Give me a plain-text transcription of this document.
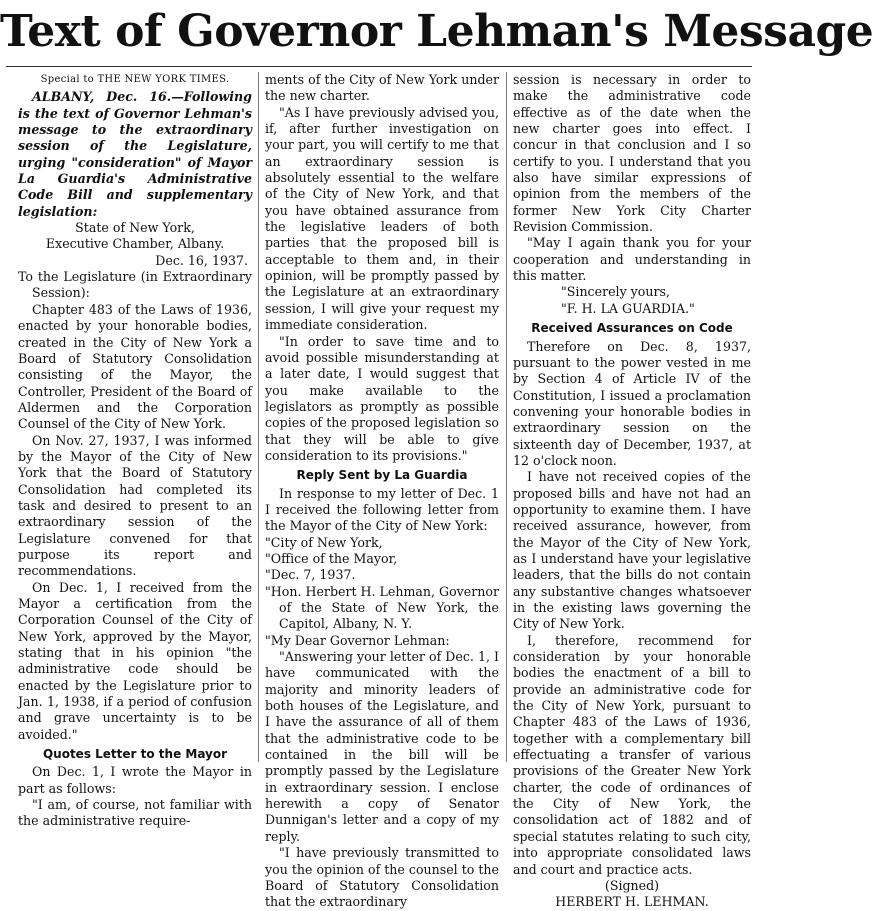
Text of Governor Lehman's Message

Special to THE NEW YORK TIMES.

ALBANY, Dec. 16.—Following is the text of Governor Lehman's message to the extraordinary session of the Legislature, urging "consideration" of Mayor La Guardia's Administrative Code Bill and supplementary legislation:

State of New York,

Executive Chamber, Albany.

Dec. 16, 1937.

To the Legislature (in Extraordinary Session):

Chapter 483 of the Laws of 1936, enacted by your honorable bodies, created in the City of New York a Board of Statutory Consolidation consisting of the Mayor, the Controller, President of the Board of Aldermen and the Corporation Counsel of the City of New York.

On Nov. 27, 1937, I was informed by the Mayor of the City of New York that the Board of Statutory Consolidation had completed its task and desired to present to an extraordinary session of the Legislature convened for that purpose its report and recommendations.

On Dec. 1, I received from the Mayor a certification from the Corporation Counsel of the City of New York, approved by the Mayor, stating that in his opinion "the administrative code should be enacted by the Legislature prior to Jan. 1, 1938, if a period of confusion and grave uncertainty is to be avoided."

Quotes Letter to the Mayor

On Dec. 1, I wrote the Mayor in part as follows:

"I am, of course, not familiar with the administrative require-

ments of the City of New York under the new charter.

"As I have previously advised you, if, after further investigation on your part, you will certify to me that an extraordinary session is absolutely essential to the welfare of the City of New York, and that you have obtained assurance from the legislative leaders of both parties that the proposed bill is acceptable to them and, in their opinion, will be promptly passed by the Legislature at an extraordinary session, I will give your request my immediate consideration.

"In order to save time and to avoid possible misunderstanding at a later date, I would suggest that you make available to the legislators as promptly as possible copies of the proposed legislation so that they will be able to give consideration to its provisions."

Reply Sent by La Guardia

In response to my letter of Dec. 1 I received the following letter from the Mayor of the City of New York:

"City of New York,

"Office of the Mayor,

"Dec. 7, 1937.

"Hon. Herbert H. Lehman, Governor of the State of New York, the Capitol, Albany, N. Y.

"My Dear Governor Lehman:

"Answering your letter of Dec. 1, I have communicated with the majority and minority leaders of both houses of the Legislature, and I have the assurance of all of them that the administrative code to be contained in the bill will be promptly passed by the Legislature in extraordinary session. I enclose herewith a copy of Senator Dunnigan's letter and a copy of my reply.

"I have previously transmitted to you the opinion of the counsel to the Board of Statutory Consolidation that the extraordinary

session is necessary in order to make the administrative code effective as of the date when the new charter goes into effect. I concur in that conclusion and I so certify to you. I understand that you also have similar expressions of opinion from the members of the former New York City Charter Revision Commission.

"May I again thank you for your cooperation and understanding in this matter.

"Sincerely yours,

"F. H. LA GUARDIA."

Received Assurances on Code

Therefore on Dec. 8, 1937, pursuant to the power vested in me by Section 4 of Article IV of the Constitution, I issued a proclamation convening your honorable bodies in extraordinary session on the sixteenth day of December, 1937, at 12 o'clock noon.

I have not received copies of the proposed bills and have not had an opportunity to examine them. I have received assurance, however, from the Mayor of the City of New York, as I understand have your legislative leaders, that the bills do not contain any substantive changes whatsoever in the existing laws governing the City of New York.

I, therefore, recommend for consideration by your honorable bodies the enactment of a bill to provide an administrative code for the City of New York, pursuant to Chapter 483 of the Laws of 1936, together with a complementary bill effectuating a transfer of various provisions of the Greater New York charter, the code of ordinances of the City of New York, the consolidation act of 1882 and of special statutes relating to such city, into appropriate consolidated laws and court and practice acts.

(Signed)

HERBERT H. LEHMAN.
